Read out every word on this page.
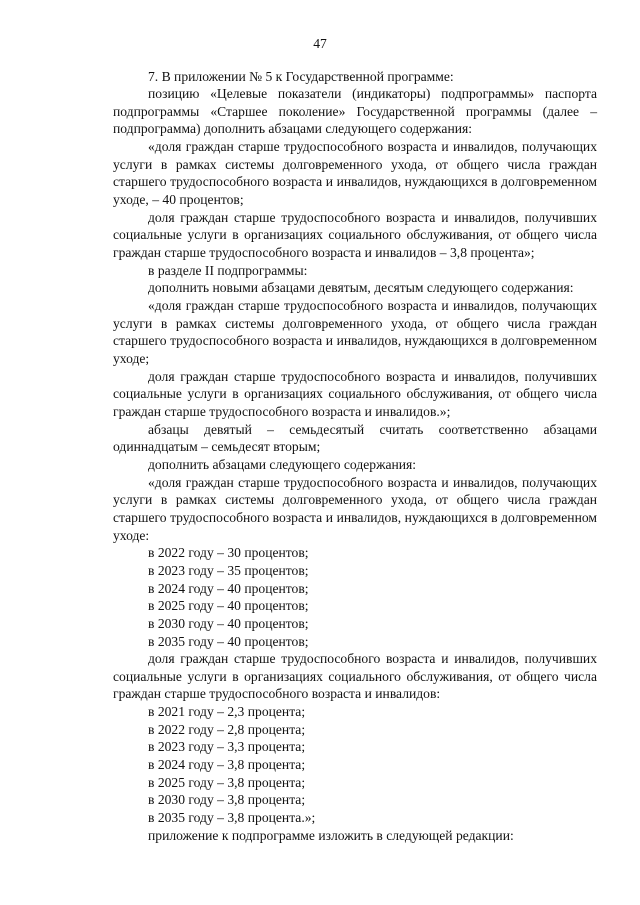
47

7. В приложении № 5 к Государственной программе:

позицию «Целевые показатели (индикаторы) подпрограммы» паспорта подпрограммы «Старшее поколение» Государственной программы (далее – подпрограмма) дополнить абзацами следующего содержания:

«доля граждан старше трудоспособного возраста и инвалидов, получающих услуги в рамках системы долговременного ухода, от общего числа граждан старшего трудоспособного возраста и инвалидов, нуждающихся в долговременном уходе, – 40 процентов;

доля граждан старше трудоспособного возраста и инвалидов, получивших социальные услуги в организациях социального обслуживания, от общего числа граждан старше трудоспособного возраста и инвалидов – 3,8 процента»;

в разделе II подпрограммы:

дополнить новыми абзацами девятым, десятым следующего содержания:

«доля граждан старше трудоспособного возраста и инвалидов, получающих услуги в рамках системы долговременного ухода, от общего числа граждан старшего трудоспособного возраста и инвалидов, нуждающихся в долговременном уходе;

доля граждан старше трудоспособного возраста и инвалидов, получивших социальные услуги в организациях социального обслуживания, от общего числа граждан старше трудоспособного возраста и инвалидов.»;

абзацы девятый – семьдесятый считать соответственно абзацами одиннадцатым – семьдесят вторым;

дополнить абзацами следующего содержания:

«доля граждан старше трудоспособного возраста и инвалидов, получающих услуги в рамках системы долговременного ухода, от общего числа граждан старшего трудоспособного возраста и инвалидов, нуждающихся в долговременном уходе:

в 2022 году – 30 процентов;

в 2023 году – 35 процентов;

в 2024 году – 40 процентов;

в 2025 году – 40 процентов;

в 2030 году – 40 процентов;

в 2035 году – 40 процентов;

доля граждан старше трудоспособного возраста и инвалидов, получивших социальные услуги в организациях социального обслуживания, от общего числа граждан старше трудоспособного возраста и инвалидов:

в 2021 году – 2,3 процента;

в 2022 году – 2,8 процента;

в 2023 году – 3,3 процента;

в 2024 году – 3,8 процента;

в 2025 году – 3,8 процента;

в 2030 году – 3,8 процента;

в 2035 году – 3,8 процента.»;

приложение к подпрограмме изложить в следующей редакции:
